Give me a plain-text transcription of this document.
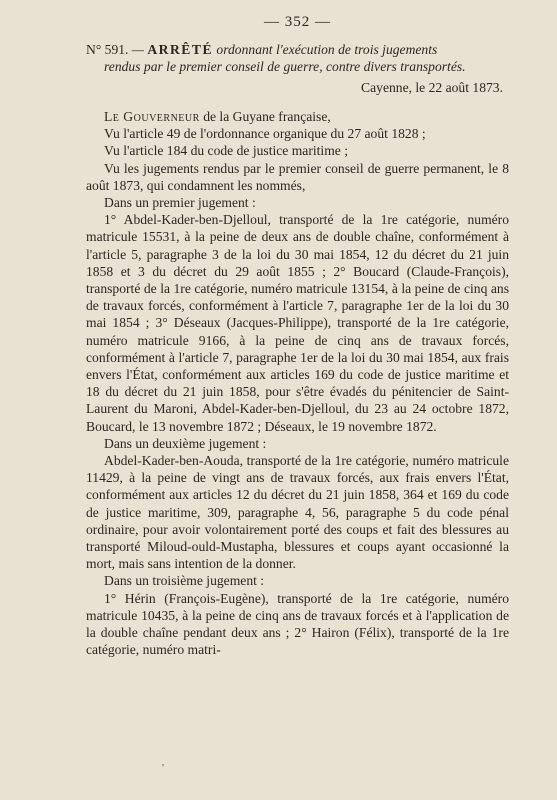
— 352 —
N° 591. — ARRÊTÉ ordonnant l'exécution de trois jugements
rendus par le premier conseil de guerre, contre divers transportés.
Cayenne, le 22 août 1873.

Le Gouverneur de la Guyane française,

Vu l'article 49 de l'ordonnance organique du 27 août 1828 ;

Vu l'article 184 du code de justice maritime ;

Vu les jugements rendus par le premier conseil de guerre permanent, le 8 août 1873, qui condamnent les nommés,

Dans un premier jugement :

1° Abdel-Kader-ben-Djelloul, transporté de la 1re catégorie, numéro matricule 15531, à la peine de deux ans de double chaîne, conformément à l'article 5, paragraphe 3 de la loi du 30 mai 1854, 12 du décret du 21 juin 1858 et 3 du décret du 29 août 1855 ; 2° Boucard (Claude-François), transporté de la 1re catégorie, numéro matricule 13154, à la peine de cinq ans de travaux forcés, conformément à l'article 7, paragraphe 1er de la loi du 30 mai 1854 ; 3° Déseaux (Jacques-Philippe), transporté de la 1re catégorie, numéro matricule 9166, à la peine de cinq ans de travaux forcés, conformément à l'article 7, paragraphe 1er de la loi du 30 mai 1854, aux frais envers l'État, conformément aux articles 169 du code de justice maritime et 18 du décret du 21 juin 1858, pour s'être évadés du pénitencier de Saint-Laurent du Maroni, Abdel-Kader-ben-Djelloul, du 23 au 24 octobre 1872, Boucard, le 13 novembre 1872 ; Déseaux, le 19 novembre 1872.

Dans un deuxième jugement :

Abdel-Kader-ben-Aouda, transporté de la 1re catégorie, numéro matricule 11429, à la peine de vingt ans de travaux forcés, aux frais envers l'État, conformément aux articles 12 du décret du 21 juin 1858, 364 et 169 du code de justice maritime, 309, paragraphe 4, 56, paragraphe 5 du code pénal ordinaire, pour avoir volontairement porté des coups et fait des blessures au transporté Miloud-ould-Mustapha, blessures et coups ayant occasionné la mort, mais sans intention de la donner.

Dans un troisième jugement :

1° Hérin (François-Eugène), transporté de la 1re catégorie, numéro matricule 10435, à la peine de cinq ans de travaux forcés et à l'application de la double chaîne pendant deux ans ; 2° Hairon (Félix), transporté de la 1re catégorie, numéro matri-

'
